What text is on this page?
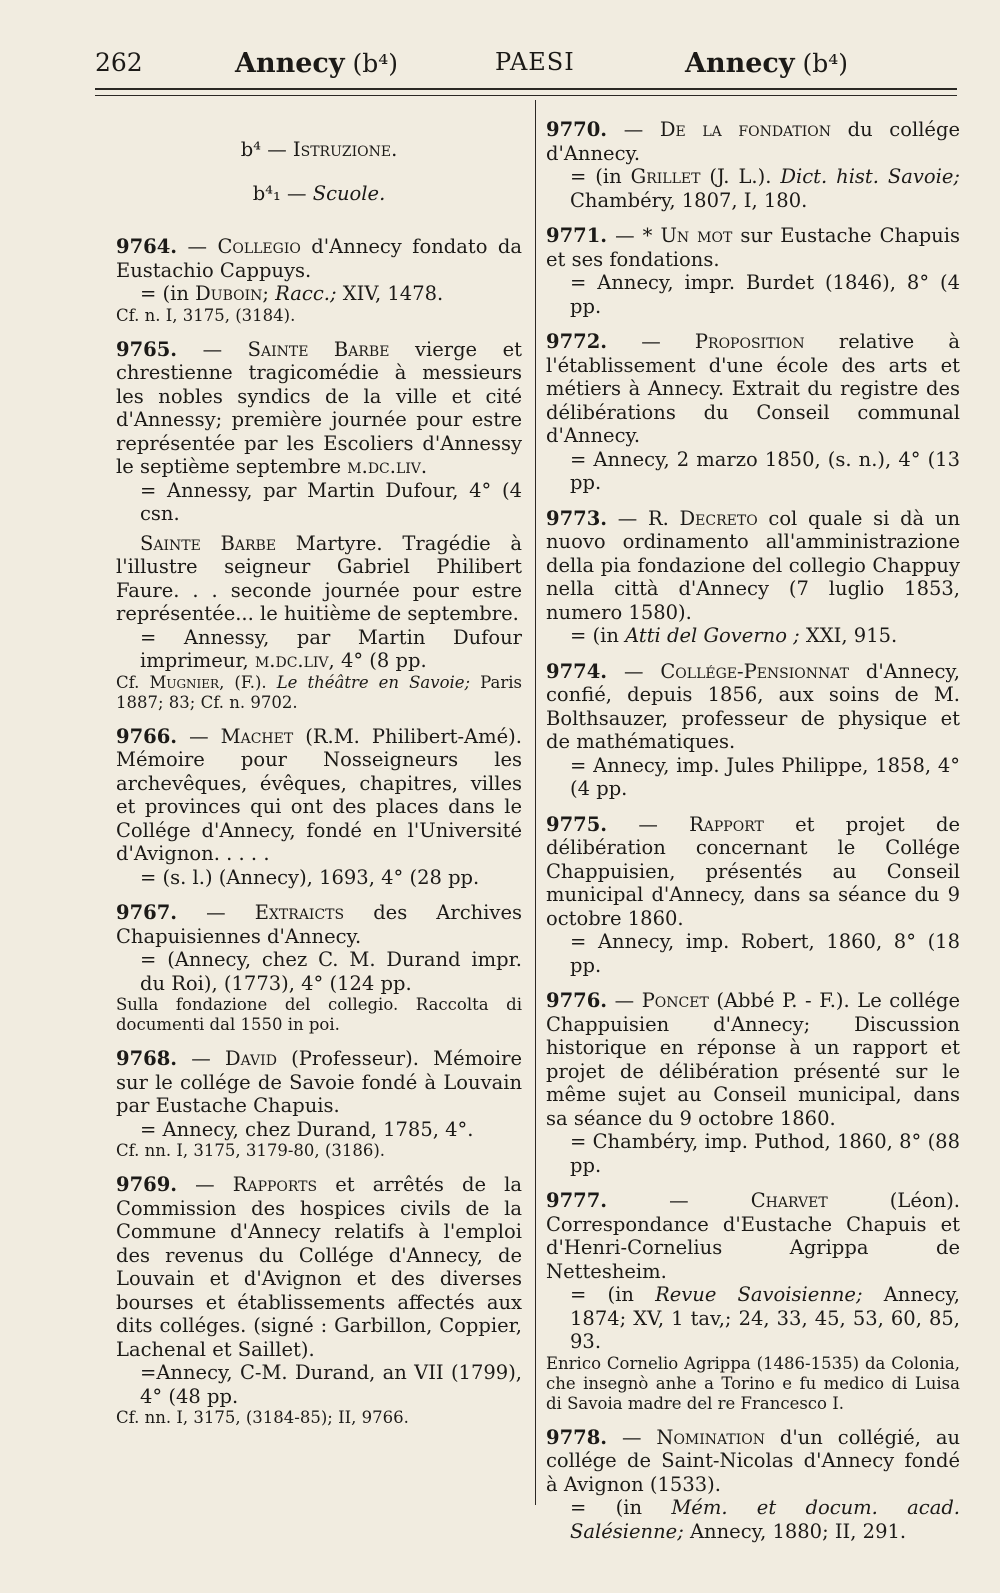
262	Annecy (b⁴)	PAESI	Annecy (b⁴)
b⁴ — Istruzione.
b⁴₁ — Scuole.

9764. — Collegio d'Annecy fondato da Eustachio Cappuys.

= (in Duboin; Racc.; XIV, 1478.

Cf. n. I, 3175, (3184).

9765. — Sainte Barbe vierge et chrestienne tragicomédie à messieurs les nobles syndics de la ville et cité d'Annessy; première journée pour estre représentée par les Escoliers d'Annessy le septième septembre m.dc.liv.

= Annessy, par Martin Dufour, 4° (4 csn.

Sainte Barbe Martyre. Tragédie à l'illustre seigneur Gabriel Philibert Faure. . . seconde journée pour estre représentée... le huitième de septembre.

= Annessy, par Martin Dufour imprimeur, m.dc.liv, 4° (8 pp.

Cf. Mugnier, (F.). Le théâtre en Savoie; Paris 1887; 83; Cf. n. 9702.

9766. — Machet (R.M. Philibert-Amé). Mémoire pour Nosseigneurs les archevêques, évêques, chapitres, villes et provinces qui ont des places dans le Collége d'Annecy, fondé en l'Université d'Avignon. . . . .

= (s. l.) (Annecy), 1693, 4° (28 pp.

9767. — Extraicts des Archives Chapuisiennes d'Annecy.

= (Annecy, chez C. M. Durand impr. du Roi), (1773), 4° (124 pp.

Sulla fondazione del collegio. Raccolta di documenti dal 1550 in poi.

9768. — David (Professeur). Mémoire sur le collége de Savoie fondé à Louvain par Eustache Chapuis.

= Annecy, chez Durand, 1785, 4°.

Cf. nn. I, 3175, 3179-80, (3186).

9769. — Rapports et arrêtés de la Commission des hospices civils de la Commune d'Annecy relatifs à l'emploi des revenus du Collége d'Annecy, de Louvain et d'Avignon et des diverses bourses et établissements affectés aux dits colléges. (signé : Garbillon, Coppier, Lachenal et Saillet).

=Annecy, C-M. Durand, an VII (1799), 4° (48 pp.

Cf. nn. I, 3175, (3184-85); II, 9766.

9770. — De la fondation du collége d'Annecy.

= (in Grillet (J. L.). Dict. hist. Savoie; Chambéry, 1807, I, 180.

9771. — * Un mot sur Eustache Chapuis et ses fondations.

= Annecy, impr. Burdet (1846), 8° (4 pp.

9772. — Proposition relative à l'établissement d'une école des arts et métiers à Annecy. Extrait du registre des délibérations du Conseil communal d'Annecy.

= Annecy, 2 marzo 1850, (s. n.), 4° (13 pp.

9773. — R. Decreto col quale si dà un nuovo ordinamento all'amministrazione della pia fondazione del collegio Chappuy nella città d'Annecy (7 luglio 1853, numero 1580).

= (in Atti del Governo ; XXI, 915.

9774. — Collége-Pensionnat d'Annecy, confié, depuis 1856, aux soins de M. Bolthsauzer, professeur de physique et de mathématiques.

= Annecy, imp. Jules Philippe, 1858, 4° (4 pp.

9775. — Rapport et projet de délibération concernant le Collége Chappuisien, présentés au Conseil municipal d'Annecy, dans sa séance du 9 octobre 1860.

= Annecy, imp. Robert, 1860, 8° (18 pp.

9776. — Poncet (Abbé P. - F.). Le collége Chappuisien d'Annecy; Discussion historique en réponse à un rapport et projet de délibération présenté sur le même sujet au Conseil municipal, dans sa séance du 9 octobre 1860.

= Chambéry, imp. Puthod, 1860, 8° (88 pp.

9777. — Charvet (Léon). Correspondance d'Eustache Chapuis et d'Henri-Cornelius Agrippa de Nettesheim.

= (in Revue Savoisienne; Annecy, 1874; XV, 1 tav,; 24, 33, 45, 53, 60, 85, 93.

Enrico Cornelio Agrippa (1486-1535) da Colonia, che insegnò anhe a Torino e fu medico di Luisa di Savoia madre del re Francesco I.

9778. — Nomination d'un collégié, au collége de Saint-Nicolas d'Annecy fondé à Avignon (1533).

= (in Mém. et docum. acad. Salésienne; Annecy, 1880; II, 291.
